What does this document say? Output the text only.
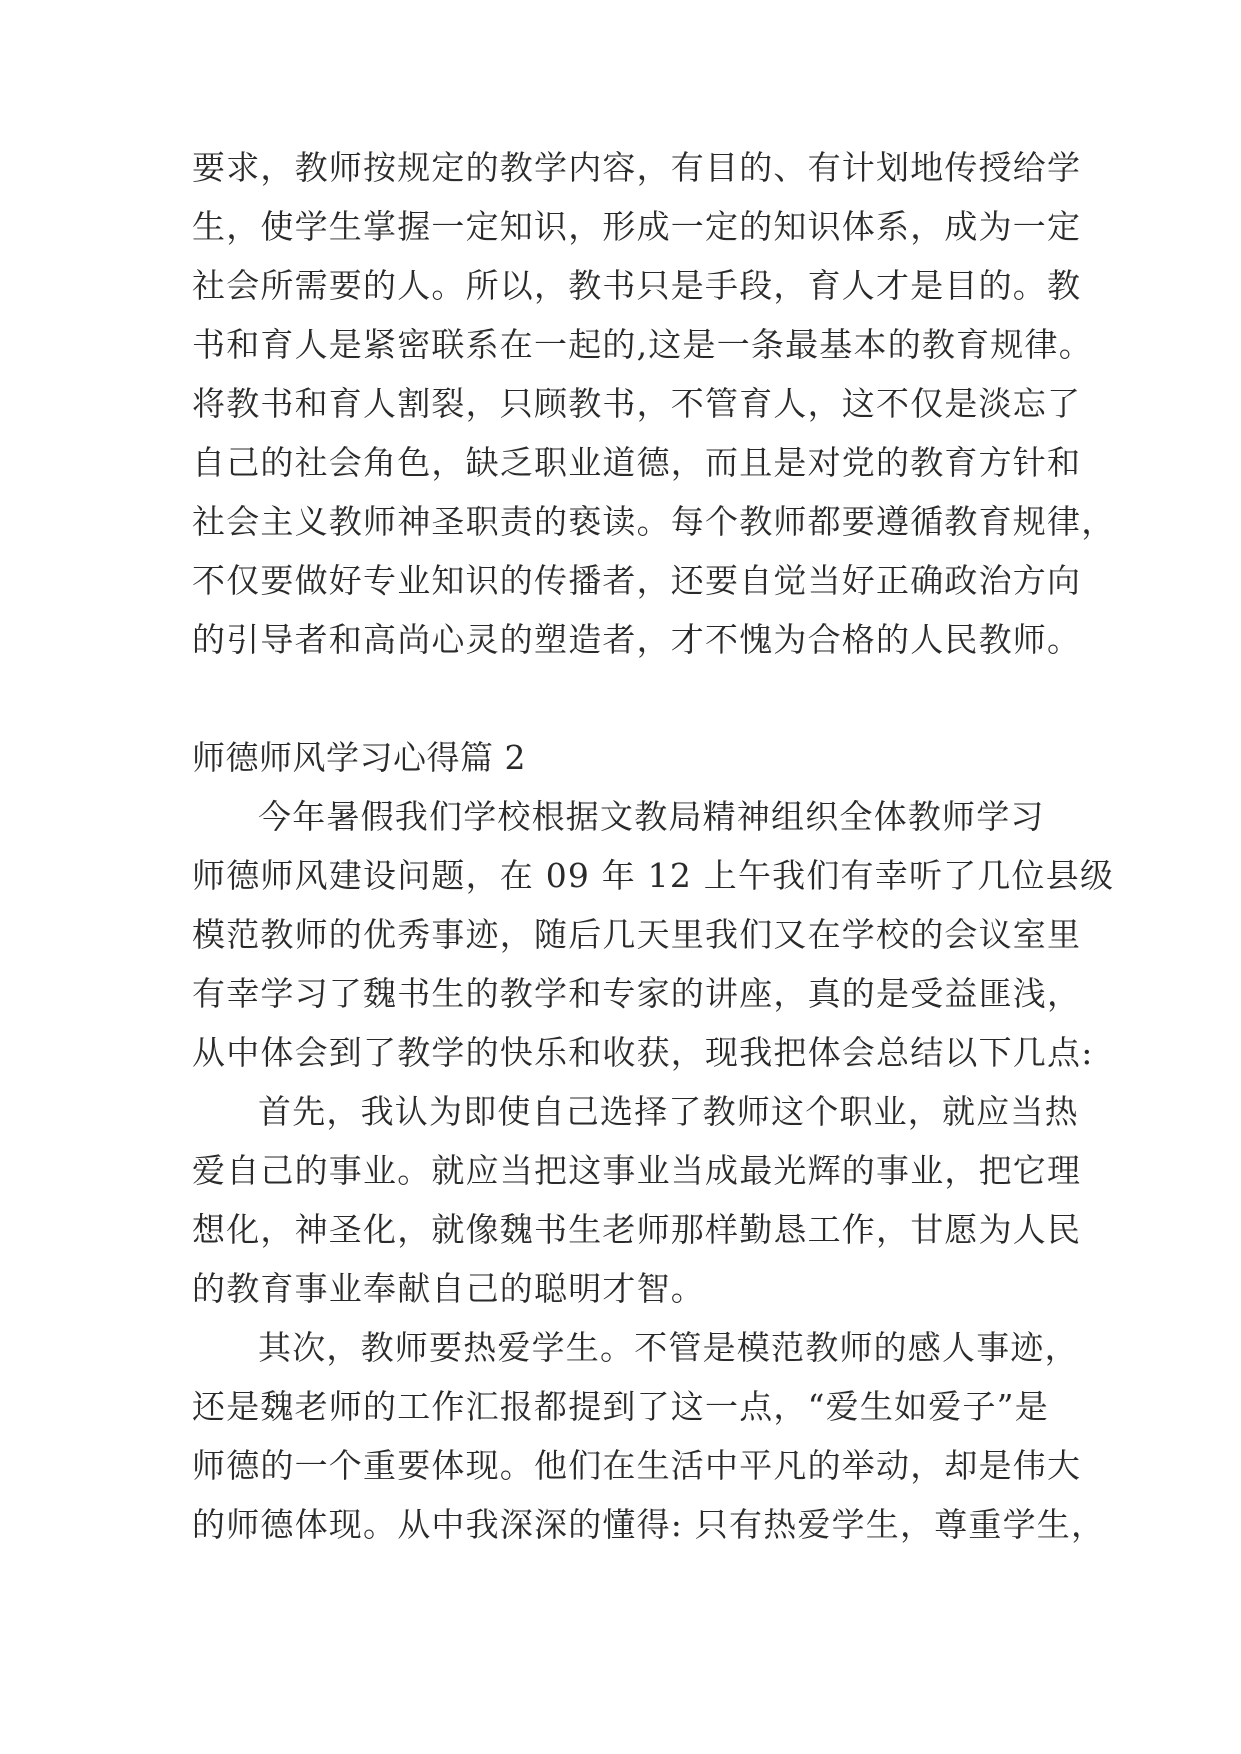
要求，教师按规定的教学内容，有目的、有计划地传授给学

生，使学生掌握一定知识，形成一定的知识体系，成为一定

社会所需要的人。所以，教书只是手段，育人才是目的。教

书和育人是紧密联系在一起的,这是一条最基本的教育规律。

将教书和育人割裂，只顾教书，不管育人，这不仅是淡忘了

自己的社会角色，缺乏职业道德，而且是对党的教育方针和

社会主义教师神圣职责的亵读。每个教师都要遵循教育规律，

不仅要做好专业知识的传播者，还要自觉当好正确政治方向

的引导者和高尚心灵的塑造者，才不愧为合格的人民教师。

师德师风学习心得篇 2

今年暑假我们学校根据文教局精神组织全体教师学习

师德师风建设问题，在 09 年 12 上午我们有幸听了几位县级

模范教师的优秀事迹，随后几天里我们又在学校的会议室里

有幸学习了魏书生的教学和专家的讲座，真的是受益匪浅，

从中体会到了教学的快乐和收获，现我把体会总结以下几点:

首先，我认为即使自己选择了教师这个职业，就应当热

爱自己的事业。就应当把这事业当成最光辉的事业，把它理

想化，神圣化，就像魏书生老师那样勤恳工作，甘愿为人民

的教育事业奉献自己的聪明才智。

其次，教师要热爱学生。不管是模范教师的感人事迹，

还是魏老师的工作汇报都提到了这一点，“爱生如爱子”是

师德的一个重要体现。他们在生活中平凡的举动，却是伟大

的师德体现。从中我深深的懂得: 只有热爱学生，尊重学生，
